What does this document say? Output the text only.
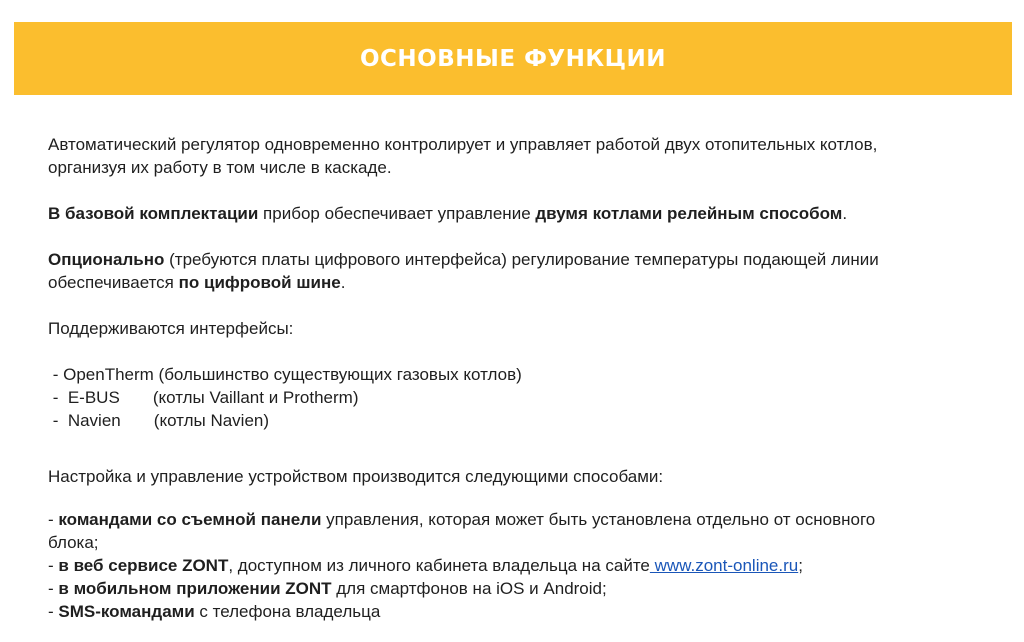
ОСНОВНЫЕ ФУНКЦИИ

Автоматический регулятор одновременно контролирует и управляет работой двух отопительных котлов,

организуя их работу в том числе в каскаде.

В базовой комплектации прибор обеспечивает управление двумя котлами релейным способом.

Опционально (требуются платы цифрового интерфейса) регулирование температуры подающей линии

обеспечивается по цифровой шине.

Поддерживаются интерфейсы:

- OpenTherm (большинство существующих газовых котлов)

-  E-BUS       (котлы Vaillant и Protherm)

-  Navien       (котлы Navien)

Настройка и управление устройством производится следующими способами:

- командами со съемной панели управления, которая может быть установлена отдельно от основного

блока;

- в веб сервисе ZONT, доступном из личного кабинета владельца на сайте www.zont-online.ru;

- в мобильном приложении ZONT для смартфонов на iOS и Android;

- SMS-командами с телефона владельца
